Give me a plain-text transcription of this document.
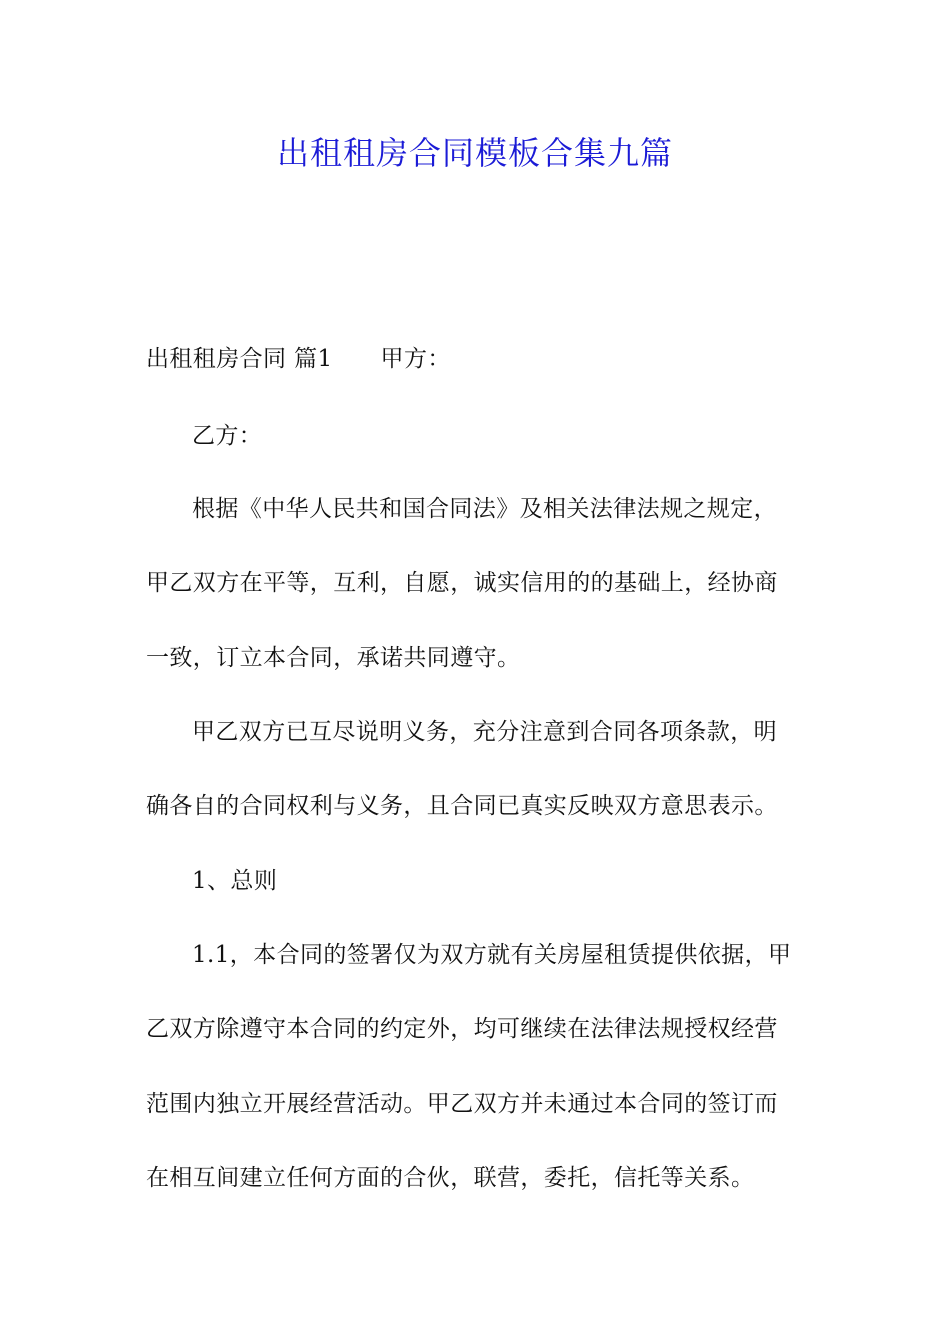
出租租房合同模板合集九篇
出租租房合同 篇1 甲方：
乙方：
根据《中华人民共和国合同法》及相关法律法规之规定，
甲乙双方在平等，互利，自愿，诚实信用的的基础上，经协商
一致，订立本合同，承诺共同遵守。
甲乙双方已互尽说明义务，充分注意到合同各项条款，明
确各自的合同权利与义务，且合同已真实反映双方意思表示。
1、总则
1.1，本合同的签署仅为双方就有关房屋租赁提供依据，甲
乙双方除遵守本合同的约定外，均可继续在法律法规授权经营
范围内独立开展经营活动。甲乙双方并未通过本合同的签订而
在相互间建立任何方面的合伙，联营，委托，信托等关系。
